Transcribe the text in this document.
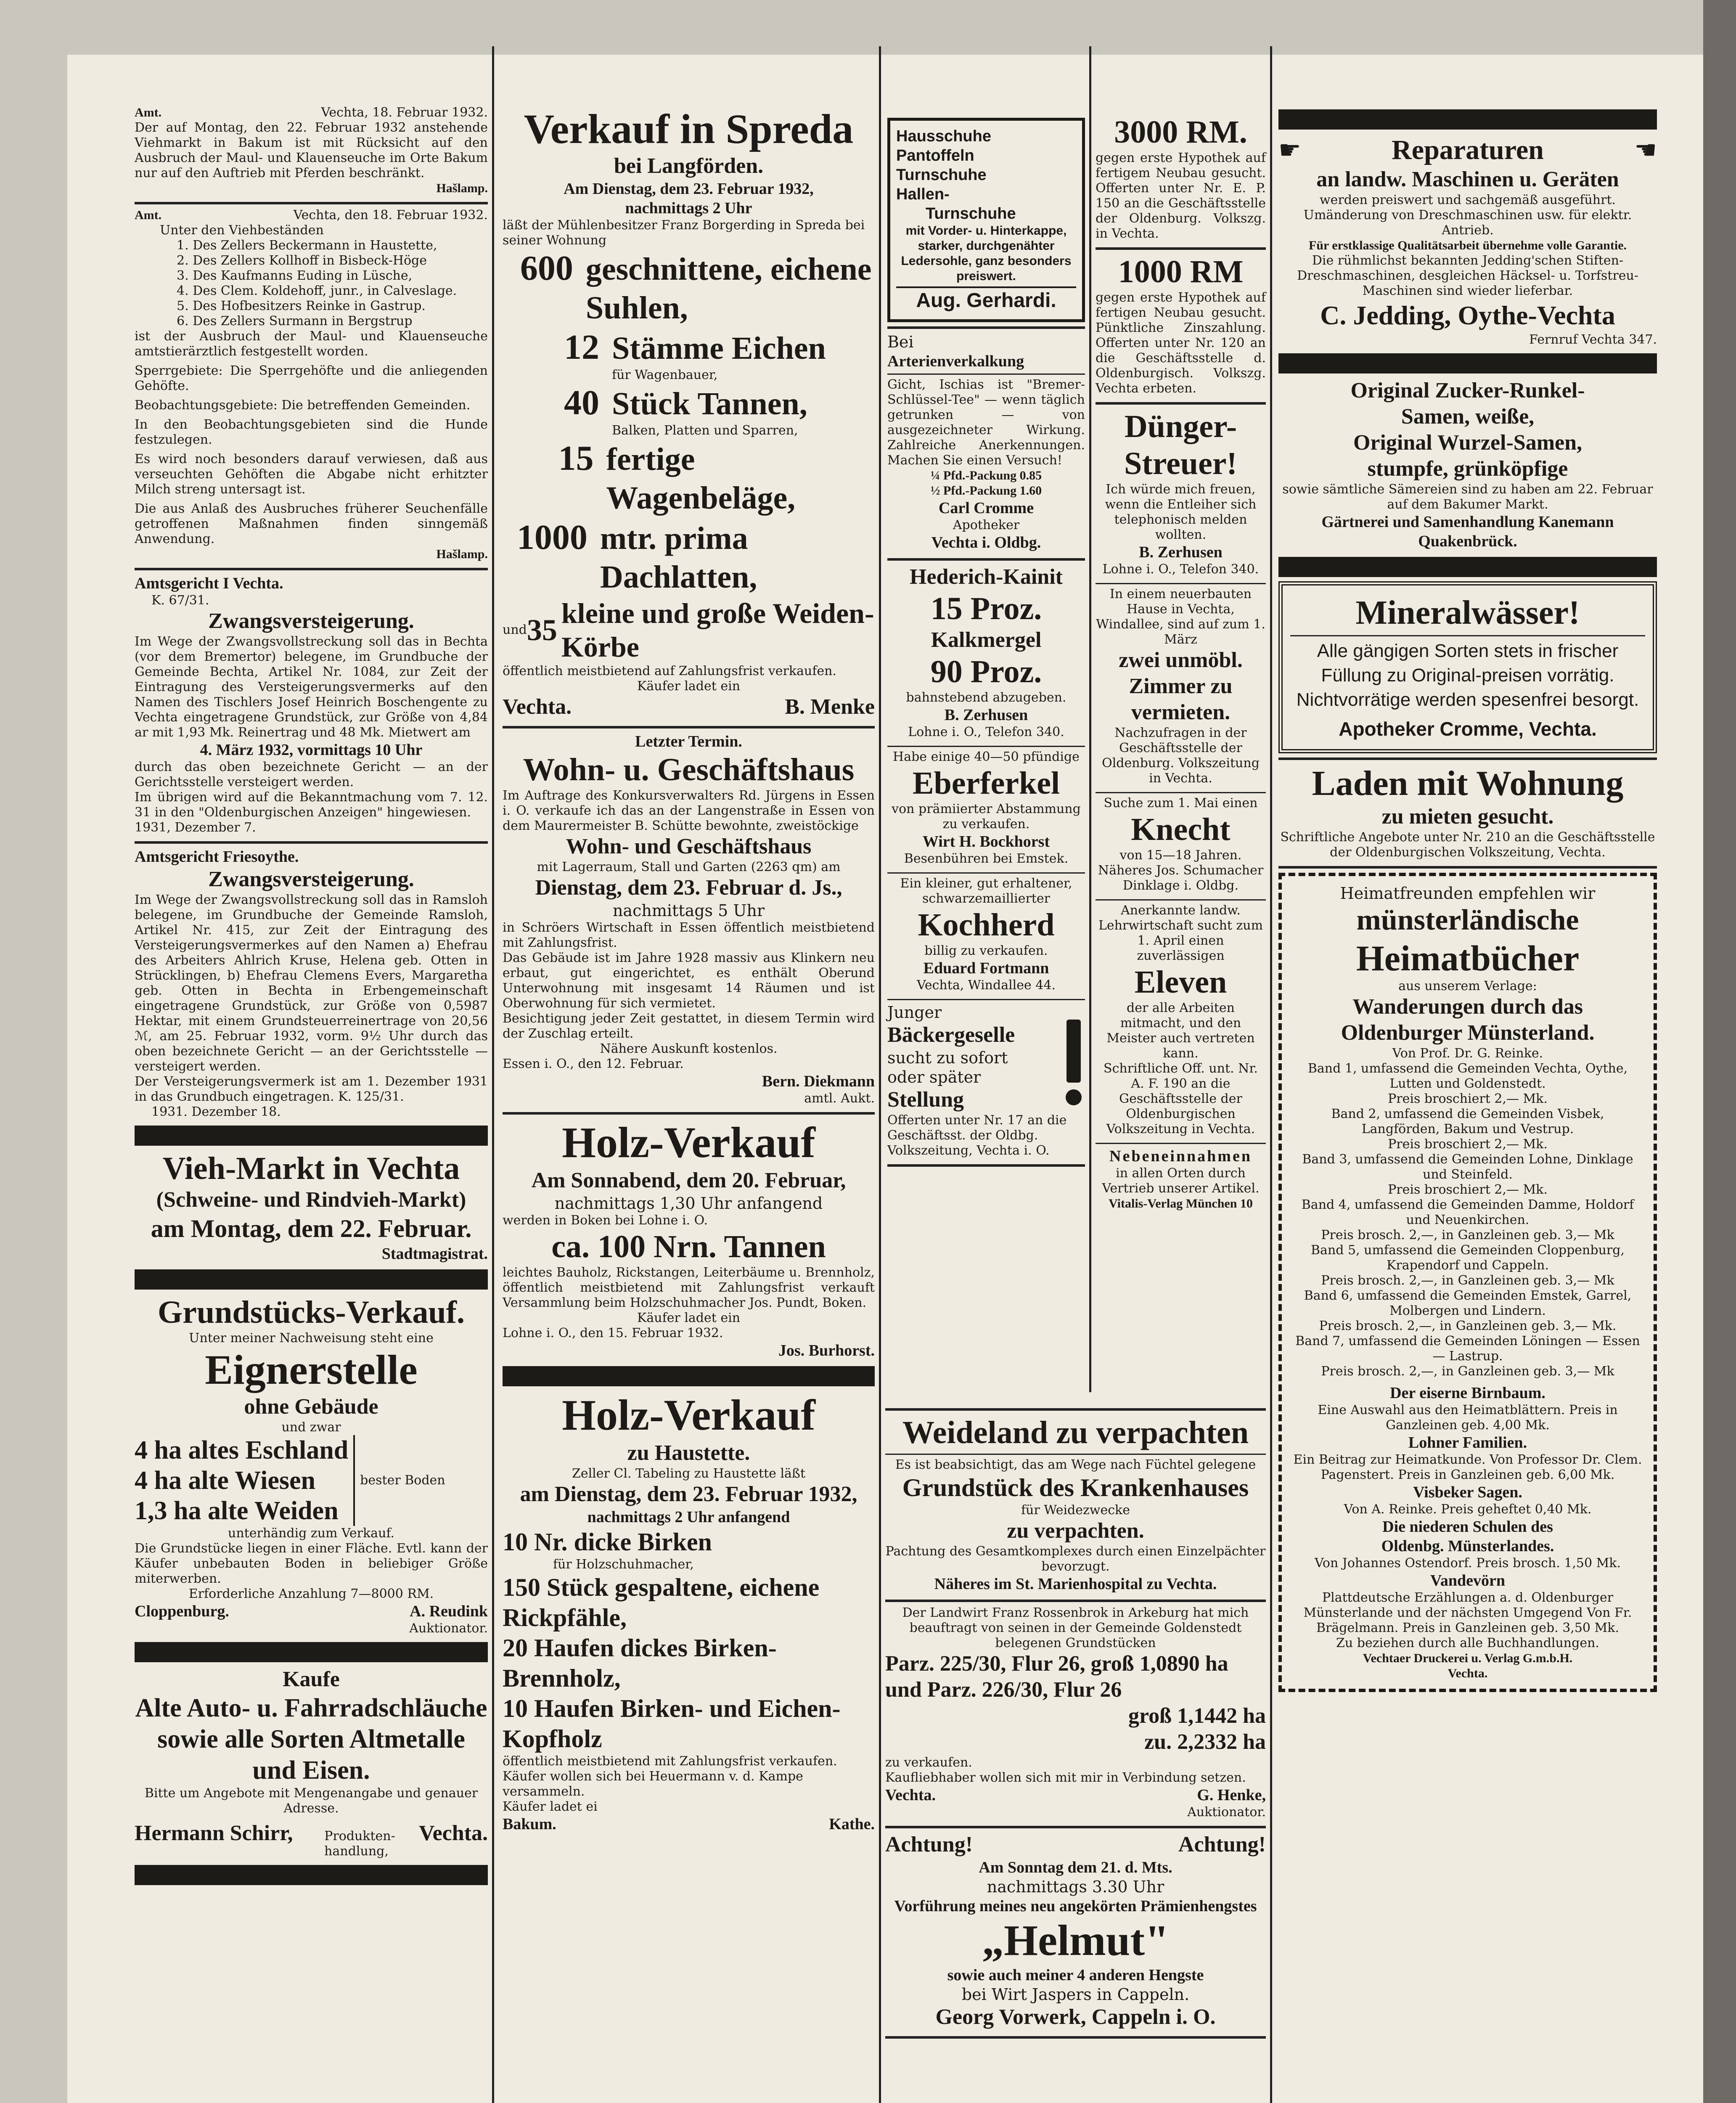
Amt.	Vechta, 18. Februar 1932.

Der auf Montag, den 22. Februar 1932 anstehende Viehmarkt in Bakum ist mit Rücksicht auf den Ausbruch der Maul- und Klauenseuche im Orte Bakum nur auf den Auftrieb mit Pferden beschränkt.

Hašlamp.

Amt.	Vechta, den 18. Februar 1932.

Unter den Viehbeständen

1. Des Zellers Beckermann in Haustette,

2. Des Zellers Kollhoff in Bisbeck-Höge

3. Des Kaufmanns Euding in Lüsche,

4. Des Clem. Koldehoff, junr., in Calveslage.

5. Des Hofbesitzers Reinke in Gastrup.

6. Des Zellers Surmann in Bergstrup

ist der Ausbruch der Maul- und Klauenseuche amtstierärztlich festgestellt worden.

Sperrgebiete: Die Sperrgehöfte und die anliegenden Gehöfte.

Beobachtungsgebiete: Die betreffenden Gemeinden.

In den Beobachtungsgebieten sind die Hunde festzulegen.

Es wird noch besonders darauf verwiesen, daß aus verseuchten Gehöften die Abgabe nicht erhitzter Milch streng untersagt ist.

Die aus Anlaß des Ausbruches früherer Seuchenfälle getroffenen Maßnahmen finden sinngemäß Anwendung.

Hašlamp.

Amtsgericht I Vechta.

K. 67/31.

Zwangsversteigerung.

Im Wege der Zwangsvollstreckung soll das in Bechta (vor dem Bremertor) belegene, im Grundbuche der Gemeinde Bechta, Artikel Nr. 1084, zur Zeit der Eintragung des Versteigerungsvermerks auf den Namen des Tischlers Josef Heinrich Boschengente zu Vechta eingetragene Grundstück, zur Größe von 4,84 ar mit 1,93 Mk. Reinertrag und 48 Mk. Mietwert am

4. März 1932, vormittags 10 Uhr

durch das oben bezeichnete Gericht — an der Gerichtsstelle versteigert werden.

Im übrigen wird auf die Bekanntmachung vom 7. 12. 31 in den "Oldenburgischen Anzeigen" hingewiesen.

1931, Dezember 7.

Amtsgericht Friesoythe.

Zwangsversteigerung.

Im Wege der Zwangsvollstreckung soll das in Ramsloh belegene, im Grundbuche der Gemeinde Ramsloh, Artikel Nr. 415, zur Zeit der Eintragung des Versteigerungsvermerkes auf den Namen a) Ehefrau des Arbeiters Ahlrich Kruse, Helena geb. Otten in Strücklingen, b) Ehefrau Clemens Evers, Margaretha geb. Otten in Bechta in Erbengemeinschaft eingetragene Grundstück, zur Größe von 0,5987 Hektar, mit einem Grundsteuerreinertrage von 20,56 ℳ, am 25. Februar 1932, vorm. 9½ Uhr durch das oben bezeichnete Gericht — an der Gerichtsstelle — versteigert werden.

Der Versteigerungsvermerk ist am 1. Dezember 1931 in das Grundbuch eingetragen. K. 125/31.

1931. Dezember 18.

Vieh-Markt in Vechta

(Schweine- und Rindvieh-Markt)

am Montag, dem 22. Februar.

Stadtmagistrat.

Grundstücks-Verkauf.

Unter meiner Nachweisung steht eine

Eignerstelle

ohne Gebäude

und zwar

4 ha altes Eschland

4 ha alte Wiesen

1,3 ha alte Weiden

bester Boden

unterhändig zum Verkauf.

Die Grundstücke liegen in einer Fläche. Evtl. kann der Käufer unbebauten Boden in beliebiger Größe miterwerben.

Erforderliche Anzahlung 7—8000 RM.

Cloppenburg.	A. Reudink

Auktionator.

Kaufe

Alte Auto- u. Fahrradschläuche sowie alle Sorten Altmetalle und Eisen.

Bitte um Angebote mit Mengenangabe und genauer Adresse.

Hermann Schirr, Produkten-handlung,
Vechta.

Verkauf in Spreda

bei Langförden.

Am Dienstag, dem 23. Februar 1932,

nachmittags 2 Uhr

läßt der Mühlenbesitzer Franz Borgerding in Spreda bei seiner Wohnung

600 geschnittene, eichene Suhlen,
12 Stämme Eichen

für Wagenbauer,

40 Stück Tannen,

Balken, Platten und Sparren,

15 fertige Wagenbeläge,
1000 mtr. prima Dachlatten,
und 35 kleine und große Weiden-Körbe

öffentlich meistbietend auf Zahlungsfrist verkaufen.

Käufer ladet ein

Vechta.	B. Menke

Letzter Termin.

Wohn- u. Geschäftshaus

Im Auftrage des Konkursverwalters Rd. Jürgens in Essen i. O. verkaufe ich das an der Langenstraße in Essen von dem Maurermeister B. Schütte bewohnte, zweistöckige

Wohn- und Geschäftshaus

mit Lagerraum, Stall und Garten (2263 qm) am

Dienstag, dem 23. Februar d. Js.,

nachmittags 5 Uhr

in Schröers Wirtschaft in Essen öffentlich meistbietend mit Zahlungsfrist.

Das Gebäude ist im Jahre 1928 massiv aus Klinkern neu erbaut, gut eingerichtet, es enthält Oberund Unterwohnung mit insgesamt 14 Räumen und ist Oberwohnung für sich vermietet.

Besichtigung jeder Zeit gestattet, in diesem Termin wird der Zuschlag erteilt.

Nähere Auskunft kostenlos.

Essen i. O., den 12. Februar.

Bern. Diekmann

amtl. Aukt.

Holz-Verkauf

Am Sonnabend, dem 20. Februar,

nachmittags 1,30 Uhr anfangend

werden in Boken bei Lohne i. O.

ca. 100 Nrn. Tannen

leichtes Bauholz, Rickstangen, Leiterbäume u. Brennholz, öffentlich meistbietend mit Zahlungsfrist verkauft Versammlung beim Holzschuhmacher Jos. Pundt, Boken.

Käufer ladet ein

Lohne i. O., den 15. Februar 1932.

Jos. Burhorst.

Holz-Verkauf

zu Haustette.

Zeller Cl. Tabeling zu Haustette läßt

am Dienstag, dem 23. Februar 1932,

nachmittags 2 Uhr anfangend

10 Nr. dicke Birken

für Holzschuhmacher,

150 Stück gespaltene, eichene Rickpfähle,

20 Haufen dickes Birken-Brennholz,

10 Haufen Birken- und Eichen-Kopfholz

öffentlich meistbietend mit Zahlungsfrist verkaufen.

Käufer wollen sich bei Heuermann v. d. Kampe versammeln.

Käufer ladet ei

Bakum.	Kathe.

Hausschuhe

Pantoffeln

Turnschuhe

Hallen-

Turnschuhe

mit Vorder- u. Hinterkappe, starker, durchgenähter Ledersohle, ganz besonders preiswert.

Aug. Gerhardi.

Bei

Arterienverkalkung

Gicht, Ischias ist "Bremer-Schlüssel-Tee" — wenn täglich getrunken — von ausgezeichneter Wirkung. Zahlreiche Anerkennungen. Machen Sie einen Versuch!

¼ Pfd.-Packung 0.85

½ Pfd.-Packung 1.60

Carl Cromme

Apotheker

Vechta i. Oldbg.

Hederich-Kainit

15 Proz.

Kalkmergel

90 Proz.

bahnstebend abzugeben.

B. Zerhusen

Lohne i. O., Telefon 340.

Habe einige 40—50 pfündige

Eberferkel

von prämiierter Abstammung zu verkaufen.

Wirt H. Bockhorst

Besenbühren bei Emstek.

Ein kleiner, gut erhaltener, schwarzemaillierter

Kochherd

billig zu verkaufen.

Eduard Fortmann

Vechta, Windallee 44.

Junger

Bäckergeselle

sucht zu sofort

oder später

Stellung

Offerten unter Nr. 17 an die Geschäftsst. der Oldbg. Volkszeitung, Vechta i. O.

3000 RM.

gegen erste Hypothek auf fertigem Neubau gesucht. Offerten unter Nr. E. P. 150 an die Geschäftsstelle der Oldenburg. Volkszg. in Vechta.

1000 RM

gegen erste Hypothek auf fertigen Neubau gesucht. Pünktliche Zinszahlung. Offerten unter Nr. 120 an die Geschäftsstelle d. Oldenburgisch. Volkszg. Vechta erbeten.

Dünger-Streuer!

Ich würde mich freuen, wenn die Entleiher sich telephonisch melden wollten.

B. Zerhusen

Lohne i. O., Telefon 340.

In einem neuerbauten Hause in Vechta, Windallee, sind auf zum 1. März

zwei unmöbl. Zimmer zu vermieten.

Nachzufragen in der Geschäftsstelle der Oldenburg. Volkszeitung in Vechta.

Suche zum 1. Mai einen

Knecht

von 15—18 Jahren.

Näheres Jos. Schumacher Dinklage i. Oldbg.

Anerkannte landw. Lehrwirtschaft sucht zum 1. April einen zuverlässigen

Eleven

der alle Arbeiten mitmacht, und den Meister auch vertreten kann.

Schriftliche Off. unt. Nr. A. F. 190 an die Geschäftsstelle der Oldenburgischen Volkszeitung in Vechta.

Nebeneinnahmen

in allen Orten durch Vertrieb unserer Artikel.

Vitalis-Verlag München 10

Weideland zu verpachten

Es ist beabsichtigt, das am Wege nach Füchtel gelegene

Grundstück des Krankenhauses

für Weidezwecke

zu verpachten.

Pachtung des Gesamtkomplexes durch einen Einzelpächter bevorzugt.

Näheres im St. Marienhospital zu Vechta.

Der Landwirt Franz Rossenbrok in Arkeburg hat mich beauftragt von seinen in der Gemeinde Goldenstedt belegenen Grundstücken

Parz. 225/30, Flur 26, groß 1,0890 ha

und Parz. 226/30, Flur 26

groß 1,1442 ha

zu. 2,2332 ha

zu verkaufen.

Kaufliebhaber wollen sich mit mir in Verbindung setzen.

Vechta.	G. Henke,

Auktionator.

Achtung!	Achtung!

Am Sonntag dem 21. d. Mts.

nachmittags 3.30 Uhr

Vorführung meines neu angekörten Prämienhengstes

„Helmut"

sowie auch meiner 4 anderen Hengste

bei Wirt Jaspers in Cappeln.

Georg Vorwerk, Cappeln i. O.

☛	Reparaturen	☚

an landw. Maschinen u. Geräten

werden preiswert und sachgemäß ausgeführt. Umänderung von Dreschmaschinen usw. für elektr. Antrieb.

Für erstklassige Qualitätsarbeit übernehme volle Garantie.

Die rühmlichst bekannten Jedding'schen Stiften-Dreschmaschinen, desgleichen Häcksel- u. Torfstreu-Maschinen sind wieder lieferbar.

C. Jedding, Oythe-Vechta

Fernruf Vechta 347.

Original Zucker-Runkel-

Samen, weiße,

Original Wurzel-Samen,

stumpfe, grünköpfige

sowie sämtliche Sämereien sind zu haben am 22. Februar auf dem Bakumer Markt.

Gärtnerei und Samenhandlung Kanemann Quakenbrück.

Mineralwässer!

Alle gängigen Sorten stets in frischer Füllung zu Original-preisen vorrätig. Nichtvorrätige werden spesenfrei besorgt.

Apotheker Cromme, Vechta.

Laden mit Wohnung

zu mieten gesucht.

Schriftliche Angebote unter Nr. 210 an die Geschäftsstelle der Oldenburgischen Volkszeitung, Vechta.

Heimatfreunden empfehlen wir

münsterländische

Heimatbücher

aus unserem Verlage:

Wanderungen durch das

Oldenburger Münsterland.

Von Prof. Dr. G. Reinke.

Band 1, umfassend die Gemeinden Vechta, Oythe, Lutten und Goldenstedt.

Preis broschiert 2,— Mk.

Band 2, umfassend die Gemeinden Visbek, Langförden, Bakum und Vestrup.

Preis broschiert 2,— Mk.

Band 3, umfassend die Gemeinden Lohne, Dinklage und Steinfeld.

Preis broschiert 2,— Mk.

Band 4, umfassend die Gemeinden Damme, Holdorf und Neuenkirchen.

Preis brosch. 2,—, in Ganzleinen geb. 3,— Mk

Band 5, umfassend die Gemeinden Cloppenburg, Krapendorf und Cappeln.

Preis brosch. 2,—, in Ganzleinen geb. 3,— Mk

Band 6, umfassend die Gemeinden Emstek, Garrel, Molbergen und Lindern.

Preis brosch. 2,—, in Ganzleinen geb. 3,— Mk.

Band 7, umfassend die Gemeinden Löningen — Essen — Lastrup.

Preis brosch. 2,—, in Ganzleinen geb. 3,— Mk

Der eiserne Birnbaum.

Eine Auswahl aus den Heimatblättern. Preis in Ganzleinen geb. 4,00 Mk.

Lohner Familien.

Ein Beitrag zur Heimatkunde. Von Professor Dr. Clem. Pagenstert. Preis in Ganzleinen geb. 6,00 Mk.

Visbeker Sagen.

Von A. Reinke. Preis geheftet 0,40 Mk.

Die niederen Schulen des

Oldenbg. Münsterlandes.

Von Johannes Ostendorf. Preis brosch. 1,50 Mk.

Vandevörn

Plattdeutsche Erzählungen a. d. Oldenburger Münsterlande und der nächsten Umgegend Von Fr. Brägelmann. Preis in Ganzleinen geb. 3,50 Mk.

Zu beziehen durch alle Buchhandlungen.

Vechtaer Druckerei u. Verlag G.m.b.H.

Vechta.
